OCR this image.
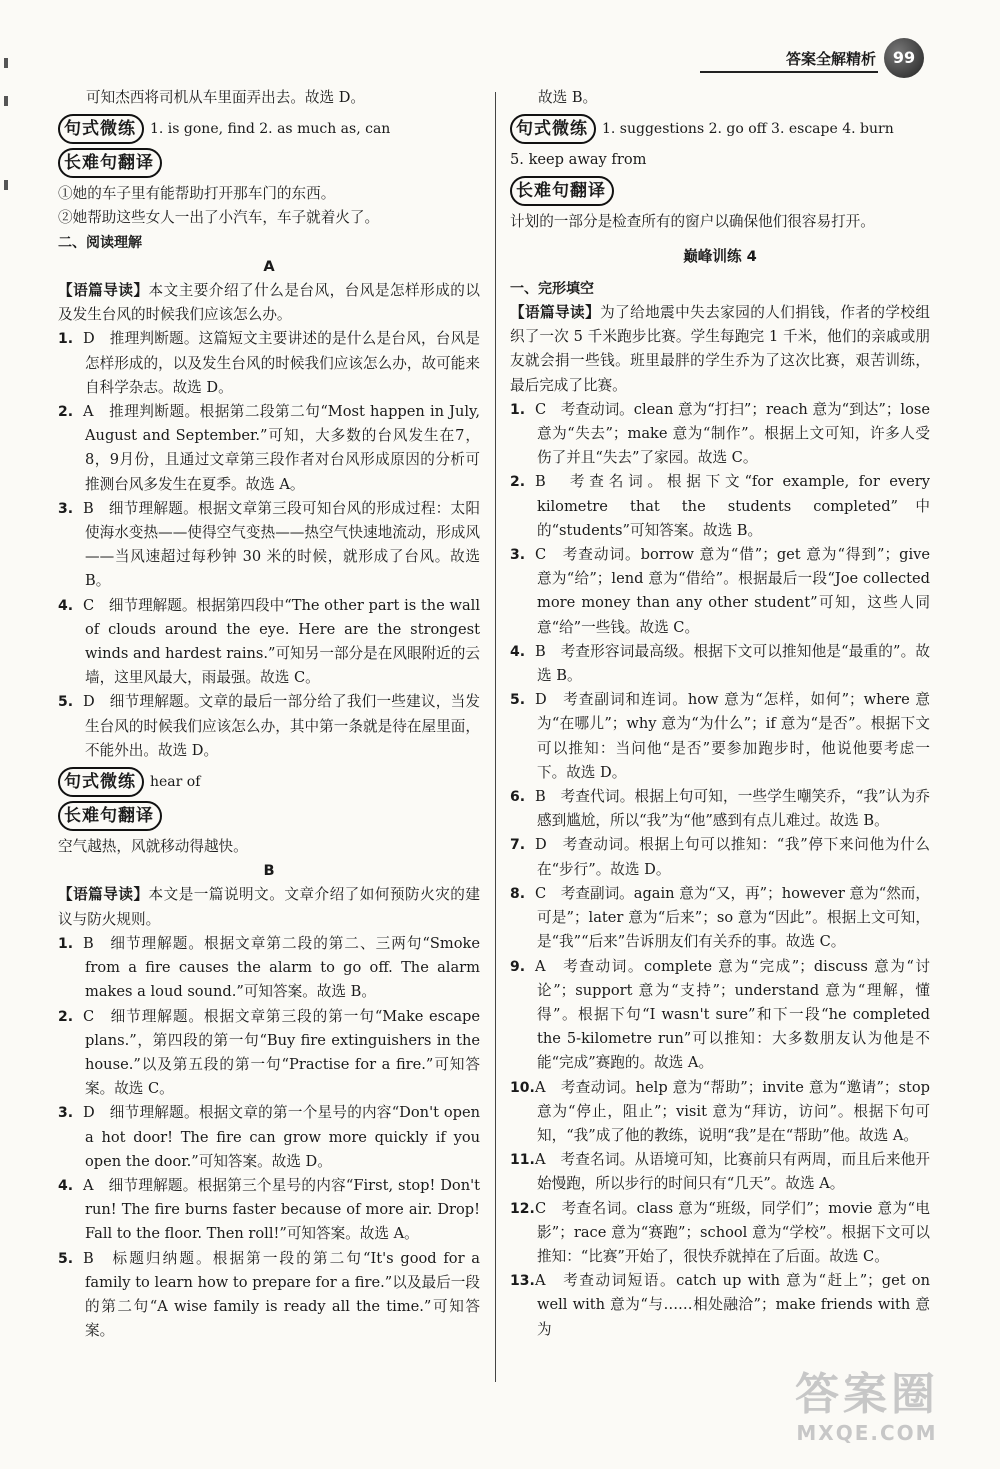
答案全解精析	99

可知杰西将司机从车里面弄出去。故选 D。

句式微练	1. is gone, find 2. as much as, can
长难句翻译

①她的车子里有能帮助打开那车门的东西。

②她帮助这些女人一出了小汽车，车子就着火了。

二、阅读理解

A

【语篇导读】本文主要介绍了什么是台风，台风是怎样形成的以及发生台风的时候我们应该怎么办。

1. D　推理判断题。这篇短文主要讲述的是什么是台风，台风是怎样形成的，以及发生台风的时候我们应该怎么办，故可能来自科学杂志。故选 D。

2. A　推理判断题。根据第二段第二句“Most happen in July, August and September.”可知，大多数的台风发生在7，8，9月份，且通过文章第三段作者对台风形成原因的分析可推测台风多发生在夏季。故选 A。

3. B　细节理解题。根据文章第三段可知台风的形成过程：太阳使海水变热——使得空气变热——热空气快速地流动，形成风——当风速超过每秒钟 30 米的时候，就形成了台风。故选 B。

4. C　细节理解题。根据第四段中“The other part is the wall of clouds around the eye. Here are the strongest winds and hardest rains.”可知另一部分是在风眼附近的云墙，这里风最大，雨最强。故选 C。

5. D　细节理解题。文章的最后一部分给了我们一些建议，当发生台风的时候我们应该怎么办，其中第一条就是待在屋里面，不能外出。故选 D。

句式微练	hear of
长难句翻译

空气越热，风就移动得越快。

B

【语篇导读】本文是一篇说明文。文章介绍了如何预防火灾的建议与防火规则。

1. B　细节理解题。根据文章第二段的第二、三两句“Smoke from a fire causes the alarm to go off. The alarm makes a loud sound.”可知答案。故选 B。

2. C　细节理解题。根据文章第三段的第一句“Make escape plans.”，第四段的第一句“Buy fire extinguishers in the house.”以及第五段的第一句“Practise for a fire.”可知答案。故选 C。

3. D　细节理解题。根据文章的第一个星号的内容“Don't open a hot door! The fire can grow more quickly if you open the door.”可知答案。故选 D。

4. A　细节理解题。根据第三个星号的内容“First, stop! Don't run! The fire burns faster because of more air. Drop! Fall to the floor. Then roll!”可知答案。故选 A。

5. B　标题归纳题。根据第一段的第二句“It's good for a family to learn how to prepare for a fire.”以及最后一段的第二句“A wise family is ready all the time.”可知答案。

故选 B。

句式微练	1. suggestions 2. go off 3. escape 4. burn

5. keep away from

长难句翻译

计划的一部分是检查所有的窗户以确保他们很容易打开。

巅峰训练 4

一、完形填空

【语篇导读】为了给地震中失去家园的人们捐钱，作者的学校组织了一次 5 千米跑步比赛。学生每跑完 1 千米，他们的亲戚或朋友就会捐一些钱。班里最胖的学生乔为了这次比赛，艰苦训练，最后完成了比赛。

1. C　考查动词。clean 意为“打扫”；reach 意为“到达”；lose 意为“失去”；make 意为“制作”。根据上文可知，许多人受伤了并且“失去”了家园。故选 C。

2. B　考查名词。根据下文“for example, for every kilometre that the students completed”中的“students”可知答案。故选 B。

3. C　考查动词。borrow 意为“借”；get 意为“得到”；give 意为“给”；lend 意为“借给”。根据最后一段“Joe collected more money than any other student”可知，这些人同意“给”一些钱。故选 C。

4. B　考查形容词最高级。根据下文可以推知他是“最重的”。故选 B。

5. D　考查副词和连词。how 意为“怎样，如何”；where 意为“在哪儿”；why 意为“为什么”；if 意为“是否”。根据下文可以推知：当问他“是否”要参加跑步时，他说他要考虑一下。故选 D。

6. B　考查代词。根据上句可知，一些学生嘲笑乔，“我”认为乔感到尴尬，所以“我”为“他”感到有点儿难过。故选 B。

7. D　考查动词。根据上句可以推知：“我”停下来问他为什么在“步行”。故选 D。

8. C　考查副词。again 意为“又，再”；however 意为“然而，可是”；later 意为“后来”；so 意为“因此”。根据上文可知，是“我”“后来”告诉朋友们有关乔的事。故选 C。

9. A　考查动词。complete 意为“完成”；discuss 意为“讨论”；support 意为“支持”；understand 意为“理解，懂得”。根据下句“I wasn't sure”和下一段“he completed the 5-kilometre run”可以推知：大多数朋友认为他是不能“完成”赛跑的。故选 A。

10.A　考查动词。help 意为“帮助”；invite 意为“邀请”；stop 意为“停止，阻止”；visit 意为“拜访，访问”。根据下句可知，“我”成了他的教练，说明“我”是在“帮助”他。故选 A。

11.A　考查名词。从语境可知，比赛前只有两周，而且后来他开始慢跑，所以步行的时间只有“几天”。故选 A。

12.C　考查名词。class 意为“班级，同学们”；movie 意为“电影”；race 意为“赛跑”；school 意为“学校”。根据下文可以推知：“比赛”开始了，很快乔就掉在了后面。故选 C。

13.A　考查动词短语。catch up with 意为“赶上”；get on well with 意为“与……相处融洽”；make friends with 意为

答案圈
MXQE.COM
